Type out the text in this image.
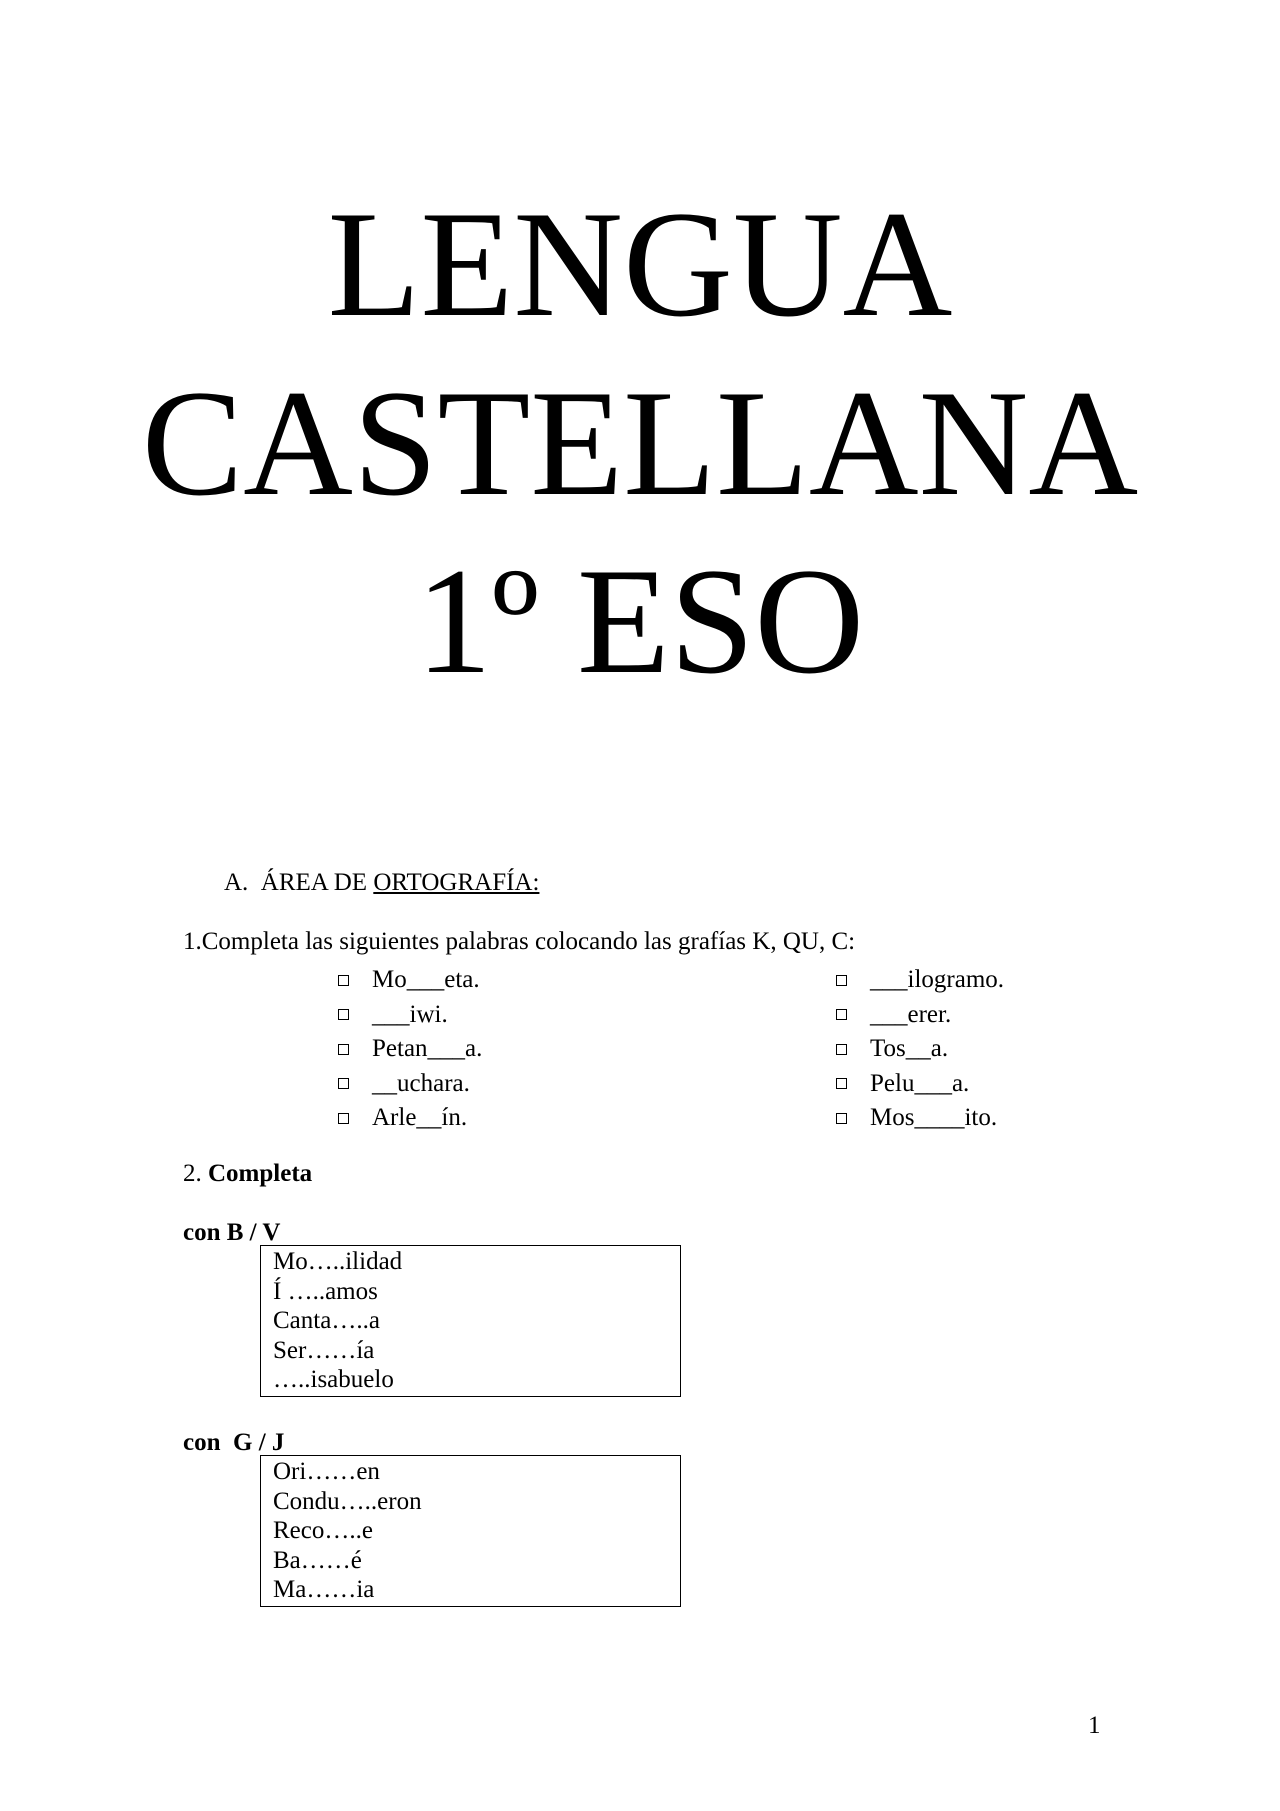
LENGUA
CASTELLANA
1º ESO
A.  ÁREA DE ORTOGRAFÍA:
1.Completa las siguientes palabras colocando las grafías K, QU, C:
Mo___eta.
___iwi.
Petan___a.
__uchara.
Arle__ín.
___ilogramo.
___erer.
Tos__a.
Pelu___a.
Mos____ito.
2. Completa
con B / V
Mo…..ilidad
Í …..amos
Canta…..a
Ser……ía
…..isabuelo
con  G / J
Ori……en
Condu…..eron
Reco…..e
Ba……é
Ma……ia
1
